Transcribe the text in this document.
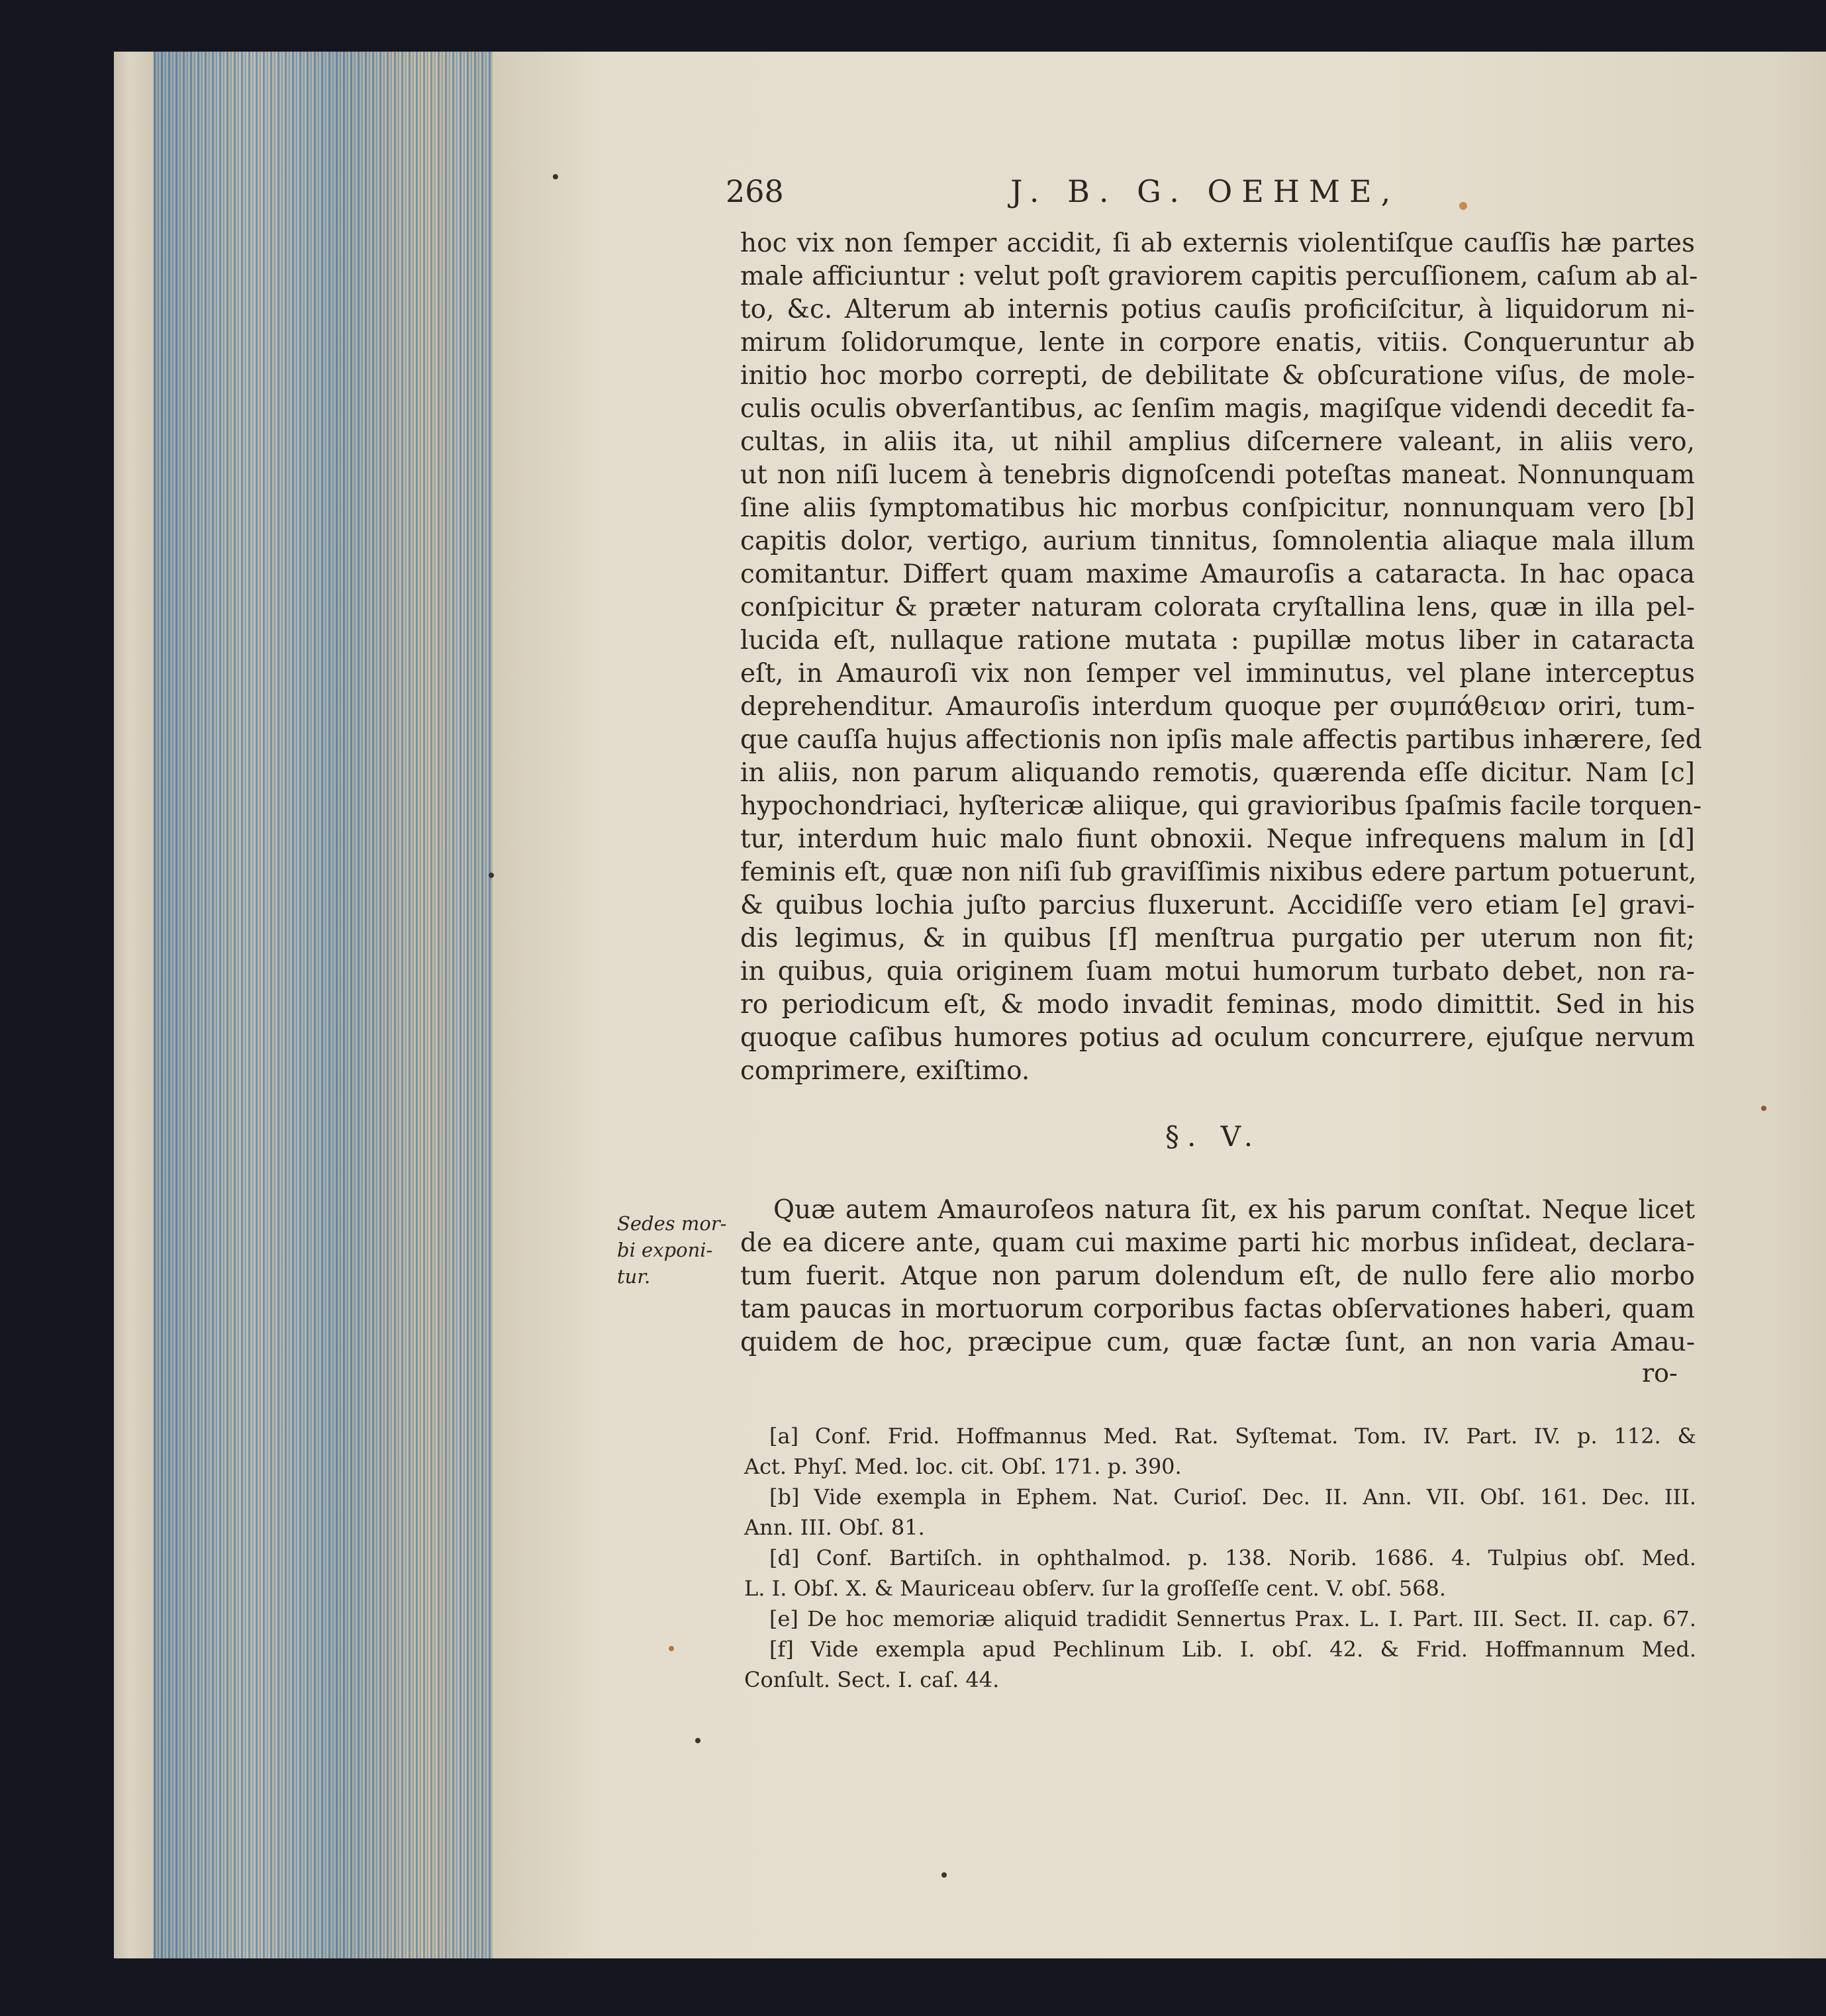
268	J. B. G. OEHME,
hoc vix non ſemper accidit, ſi ab externis violentiſque cauſſis hæ partes
male afficiuntur : velut poſt graviorem capitis percuſſionem, caſum ab al-
to, &c. Alterum ab internis potius cauſis proficiſcitur, à liquidorum ni-
mirum ſolidorumque, lente in corpore enatis, vitiis. Conqueruntur ab
initio hoc morbo correpti, de debilitate & obſcuratione viſus, de mole-
culis oculis obverſantibus, ac ſenſim magis, magiſque videndi decedit fa-
cultas, in aliis ita, ut nihil amplius diſcernere valeant, in aliis vero,
ut non niſi lucem à tenebris dignoſcendi poteſtas maneat. Nonnunquam
ſine aliis ſymptomatibus hic morbus conſpicitur, nonnunquam vero [b]
capitis dolor, vertigo, aurium tinnitus, ſomnolentia aliaque mala illum
comitantur. Differt quam maxime Amauroſis a cataracta. In hac opaca
conſpicitur & præter naturam colorata cryſtallina lens, quæ in illa pel-
lucida eſt, nullaque ratione mutata : pupillæ motus liber in cataracta
eſt, in Amauroſi vix non ſemper vel imminutus, vel plane interceptus
deprehenditur. Amauroſis interdum quoque per συμπάθειαν oriri, tum-
que cauſſa hujus affectionis non ipſis male affectis partibus inhærere, ſed
in aliis, non parum aliquando remotis, quærenda eſſe dicitur. Nam [c]
hypochondriaci, hyſtericæ aliique, qui gravioribus ſpaſmis facile torquen-
tur, interdum huic malo fiunt obnoxii. Neque infrequens malum in [d]
feminis eſt, quæ non niſi ſub graviſſimis nixibus edere partum potuerunt,
& quibus lochia juſto parcius fluxerunt. Accidiſſe vero etiam [e] gravi-
dis legimus, & in quibus [f] menſtrua purgatio per uterum non fit;
in quibus, quia originem ſuam motui humorum turbato debet, non ra-
ro periodicum eſt, & modo invadit feminas, modo dimittit. Sed in his
quoque caſibus humores potius ad oculum concurrere, ejuſque nervum
comprimere, exiſtimo.
§. V.
Sedes mor-
bi exponi-
tur.
Quæ autem Amauroſeos natura ſit, ex his parum conſtat. Neque licet
de ea dicere ante, quam cui maxime parti hic morbus inſideat, declara-
tum fuerit. Atque non parum dolendum eſt, de nullo fere alio morbo
tam paucas in mortuorum corporibus factas obſervationes haberi, quam
quidem de hoc, præcipue cum, quæ factæ ſunt, an non varia Amau-
ro-
[a] Conf. Frid. Hoffmannus Med. Rat. Syſtemat. Tom. IV. Part. IV. p. 112. &
Act. Phyſ. Med. loc. cit. Obſ. 171. p. 390.
[b] Vide exempla in Ephem. Nat. Curioſ. Dec. II. Ann. VII. Obſ. 161. Dec. III.
Ann. III. Obſ. 81.
[d] Conf. Bartiſch. in ophthalmod. p. 138. Norib. 1686. 4. Tulpius obſ. Med.
L. I. Obſ. X. & Mauriceau obſerv. ſur la groſſeſſe cent. V. obſ. 568.
[e] De hoc memoriæ aliquid tradidit Sennertus Prax. L. I. Part. III. Sect. II. cap. 67.
[f] Vide exempla apud Pechlinum Lib. I. obſ. 42. & Frid. Hoffmannum Med.
Conſult. Sect. I. caſ. 44.
